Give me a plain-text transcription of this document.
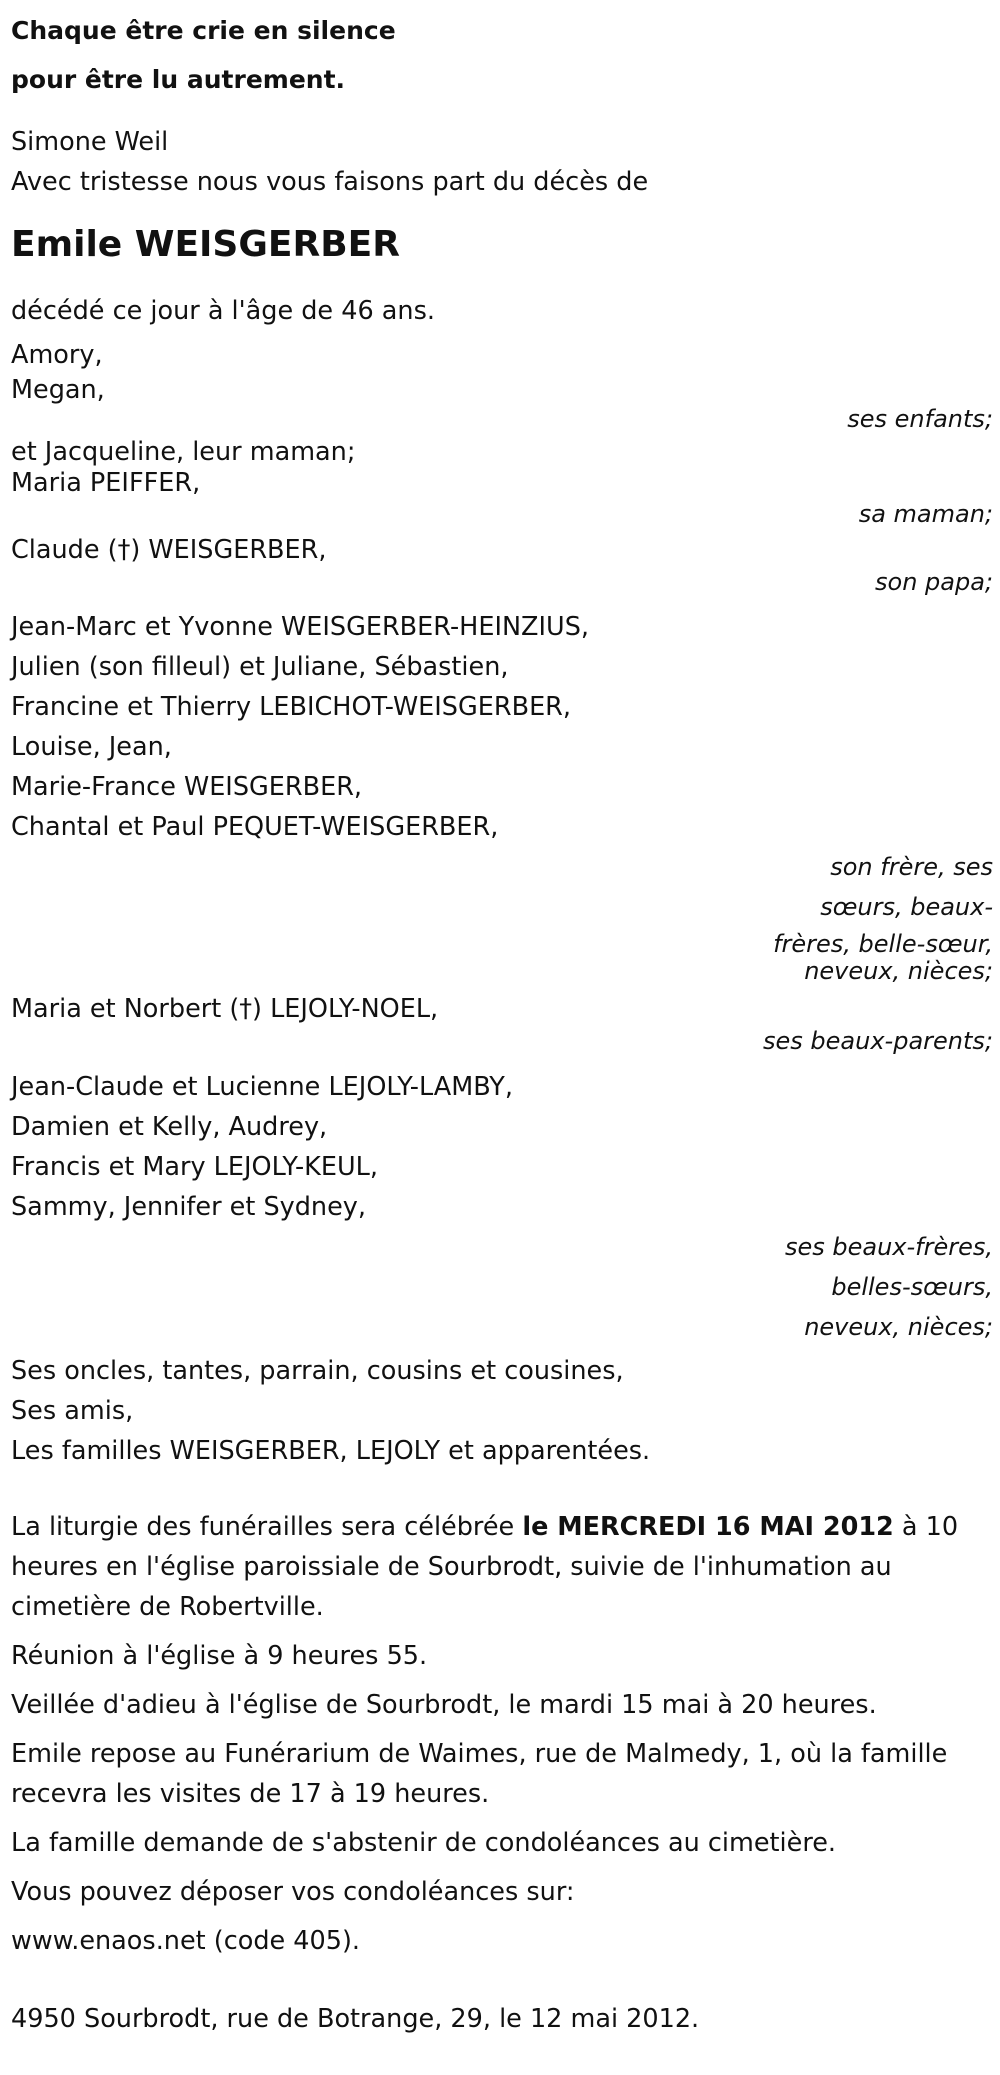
Chaque être crie en silence
pour être lu autrement.
Simone Weil
Avec tristesse nous vous faisons part du décès de
Emile WEISGERBER
décédé ce jour à l'âge de 46 ans.
Amory,
Megan,
ses enfants;
et Jacqueline, leur maman;
Maria PEIFFER,
sa maman;
Claude (†) WEISGERBER,
son papa;
Jean-Marc et Yvonne WEISGERBER-HEINZIUS,
Julien (son filleul) et Juliane, Sébastien,
Francine et Thierry LEBICHOT-WEISGERBER,
Louise, Jean,
Marie-France WEISGERBER,
Chantal et Paul PEQUET-WEISGERBER,
son frère, ses
sœurs, beaux-
frères, belle-sœur,
neveux, nièces;
Maria et Norbert (†) LEJOLY-NOEL,
ses beaux-parents;
Jean-Claude et Lucienne LEJOLY-LAMBY,
Damien et Kelly, Audrey,
Francis et Mary LEJOLY-KEUL,
Sammy, Jennifer et Sydney,
ses beaux-frères,
belles-sœurs,
neveux, nièces;
Ses oncles, tantes, parrain, cousins et cousines,
Ses amis,
Les familles WEISGERBER, LEJOLY et apparentées.
La liturgie des funérailles sera célébrée le MERCREDI 16 MAI 2012 à 10 heures en l'église paroissiale de Sourbrodt, suivie de l'inhumation au cimetière de Robertville.
Réunion à l'église à 9 heures 55.
Veillée d'adieu à l'église de Sourbrodt, le mardi 15 mai à 20 heures.
Emile repose au Funérarium de Waimes, rue de Malmedy, 1, où la famille recevra les visites de 17 à 19 heures.
La famille demande de s'abstenir de condoléances au cimetière.
Vous pouvez déposer vos condoléances sur:
www.enaos.net (code 405).
4950 Sourbrodt, rue de Botrange, 29, le 12 mai 2012.
